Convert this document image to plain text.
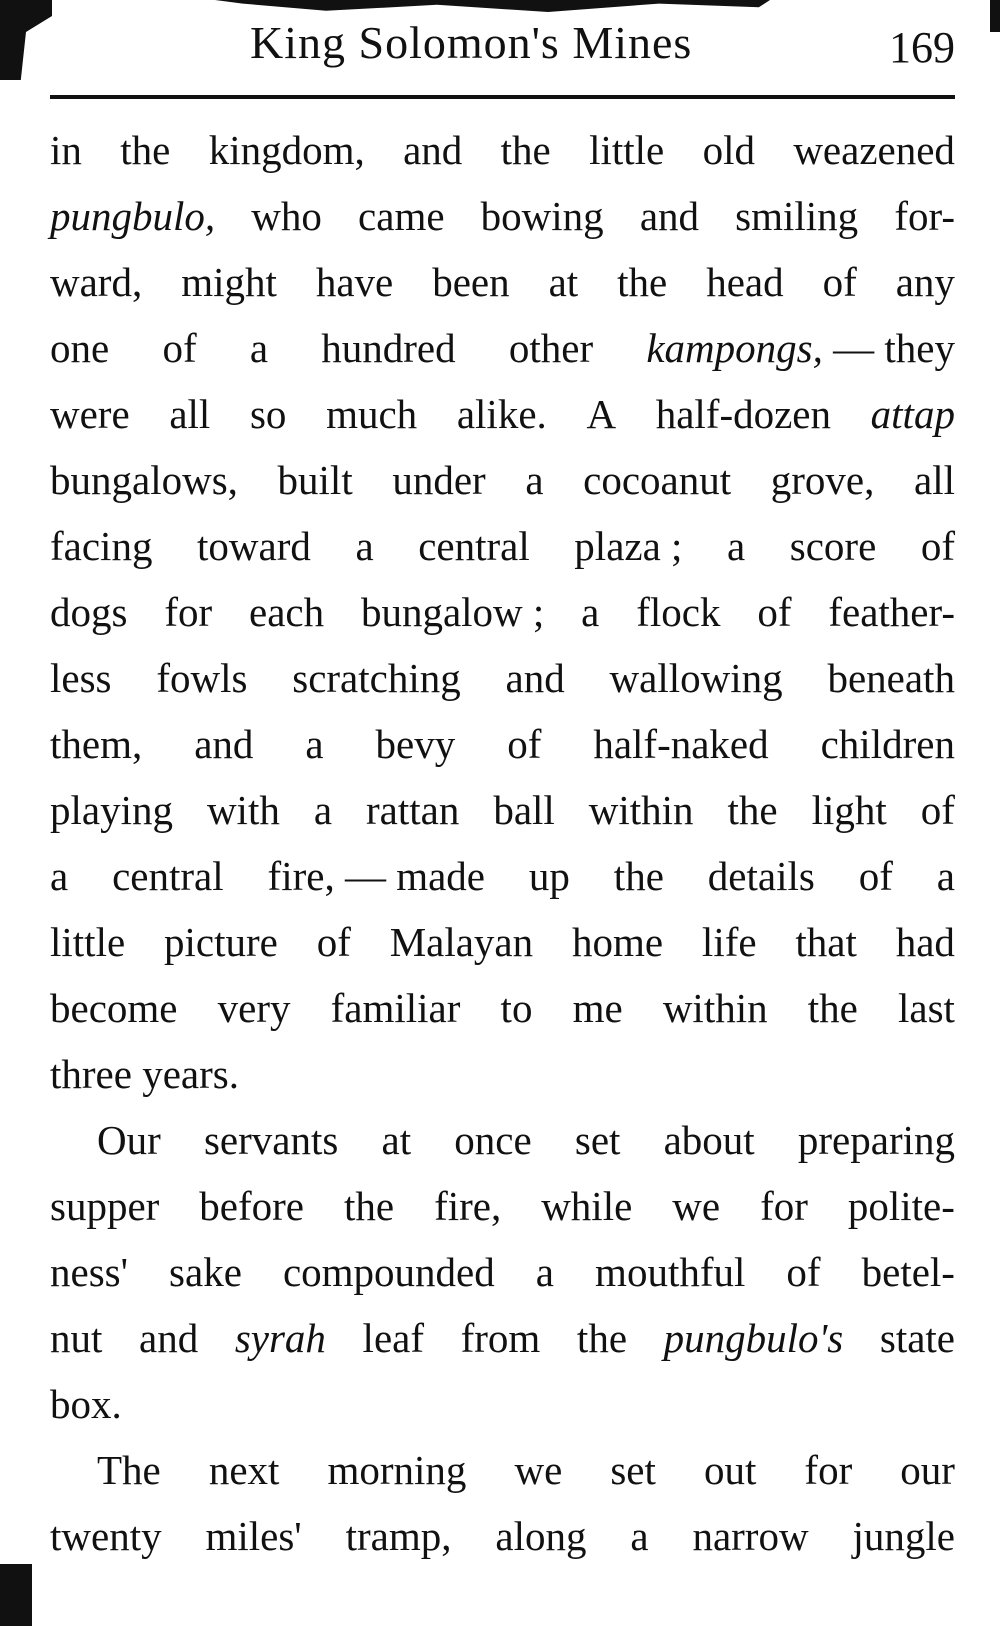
King Solomon's Mines	169
in the kingdom, and the little old weazened
pungbulo, who came bowing and smiling for-
ward, might have been at the head of any
one of a hundred other kampongs, — they
were all so much alike. A half-dozen attap
bungalows, built under a cocoanut grove, all
facing toward a central plaza ; a score of
dogs for each bungalow ; a flock of feather-
less fowls scratching and wallowing beneath
them, and a bevy of half-naked children
playing with a rattan ball within the light of
a central fire, — made up the details of a
little picture of Malayan home life that had
become very familiar to me within the last
three years.
Our servants at once set about preparing
supper before the fire, while we for polite-
ness' sake compounded a mouthful of betel-
nut and syrah leaf from the pungbulo's state
box.
The next morning we set out for our
twenty miles' tramp, along a narrow jungle
